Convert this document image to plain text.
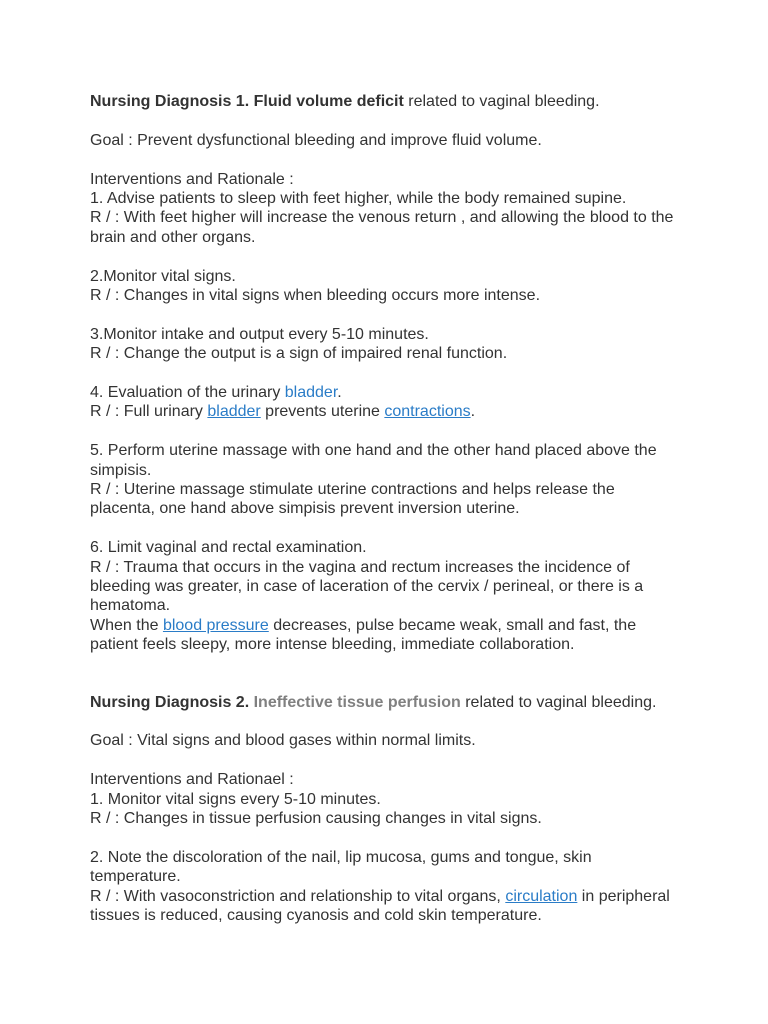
Nursing Diagnosis 1. Fluid volume deficit related to vaginal bleeding.

Goal : Prevent dysfunctional bleeding and improve fluid volume.

Interventions and Rationale :
1. Advise patients to sleep with feet higher, while the body remained supine.
R / : With feet higher will increase the venous return , and allowing the blood to the brain and other organs.

2.Monitor vital signs.
R / : Changes in vital signs when bleeding occurs more intense.

3.Monitor intake and output every 5-10 minutes.
R / : Change the output is a sign of impaired renal function.

4. Evaluation of the urinary bladder.
R / : Full urinary bladder prevents uterine contractions.

5. Perform uterine massage with one hand and the other hand placed above the simpisis.
R / : Uterine massage stimulate uterine contractions and helps release the placenta, one hand above simpisis prevent inversion uterine.

6. Limit vaginal and rectal examination.
R / : Trauma that occurs in the vagina and rectum increases the incidence of bleeding was greater, in case of laceration of the cervix / perineal, or there is a hematoma.
When the blood pressure decreases, pulse became weak, small and fast, the patient feels sleepy, more intense bleeding, immediate collaboration.

Nursing Diagnosis 2. Ineffective tissue perfusion related to vaginal bleeding.

Goal : Vital signs and blood gases within normal limits.

Interventions and Rationael :
1. Monitor vital signs every 5-10 minutes.
R / : Changes in tissue perfusion causing changes in vital signs.

2. Note the discoloration of the nail, lip mucosa, gums and tongue, skin temperature.
R / : With vasoconstriction and relationship to vital organs, circulation in peripheral tissues is reduced, causing cyanosis and cold skin temperature.
